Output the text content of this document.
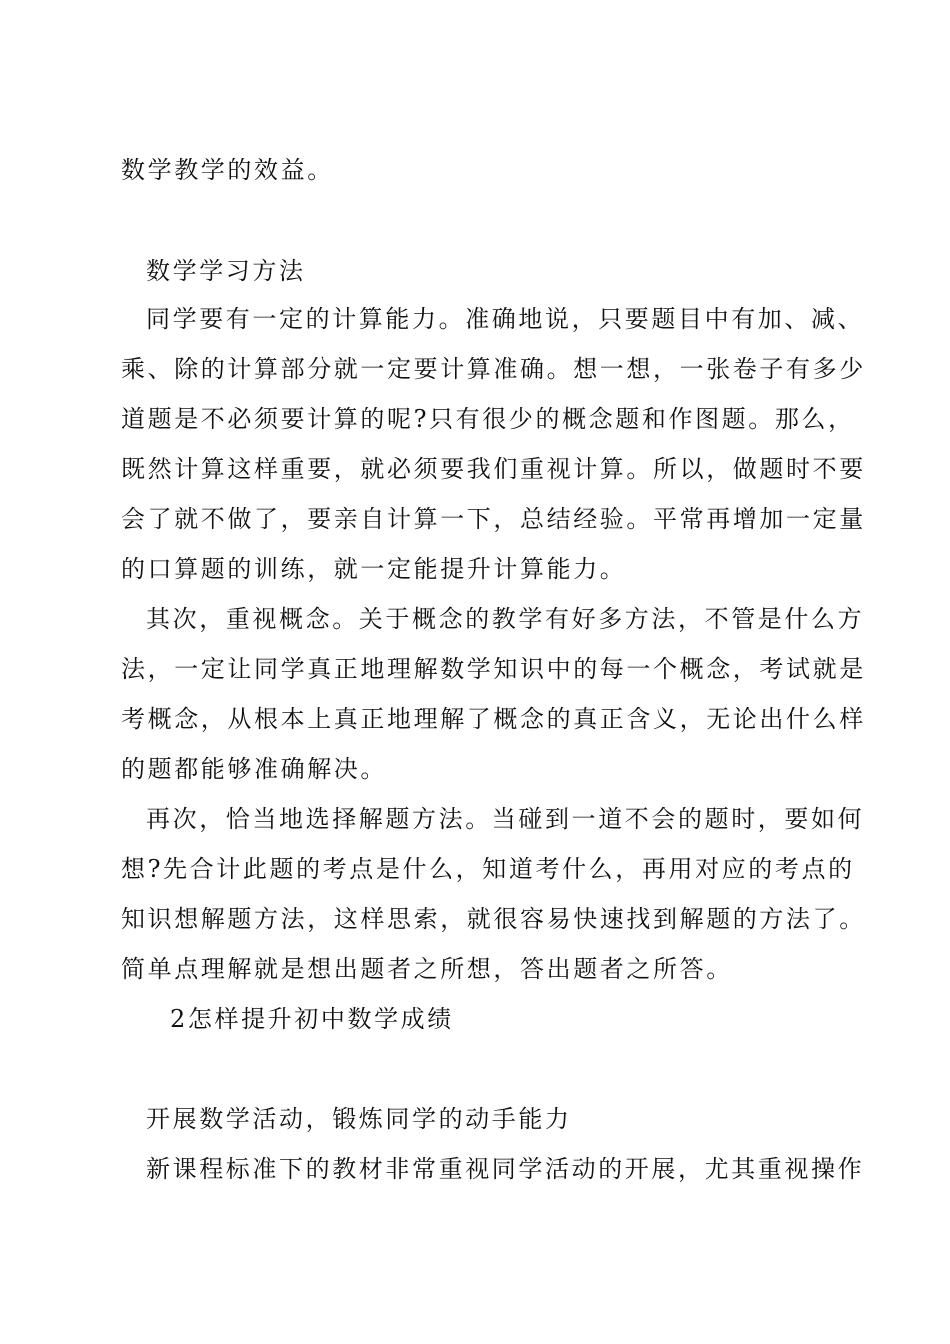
数学教学的效益。
数学学习方法
同学要有一定的计算能力。准确地说，只要题目中有加、减、
乘、除的计算部分就一定要计算准确。想一想，一张卷子有多少
道题是不必须要计算的呢?只有很少的概念题和作图题。那么，
既然计算这样重要，就必须要我们重视计算。所以，做题时不要
会了就不做了，要亲自计算一下，总结经验。平常再增加一定量
的口算题的训练，就一定能提升计算能力。
其次，重视概念。关于概念的教学有好多方法，不管是什么方
法，一定让同学真正地理解数学知识中的每一个概念，考试就是
考概念，从根本上真正地理解了概念的真正含义，无论出什么样
的题都能够准确解决。
再次，恰当地选择解题方法。当碰到一道不会的题时，要如何
想?先合计此题的考点是什么，知道考什么，再用对应的考点的
知识想解题方法，这样思索，就很容易快速找到解题的方法了。
简单点理解就是想出题者之所想，答出题者之所答。
2怎样提升初中数学成绩
开展数学活动，锻炼同学的动手能力
新课程标准下的教材非常重视同学活动的开展，尤其重视操作
